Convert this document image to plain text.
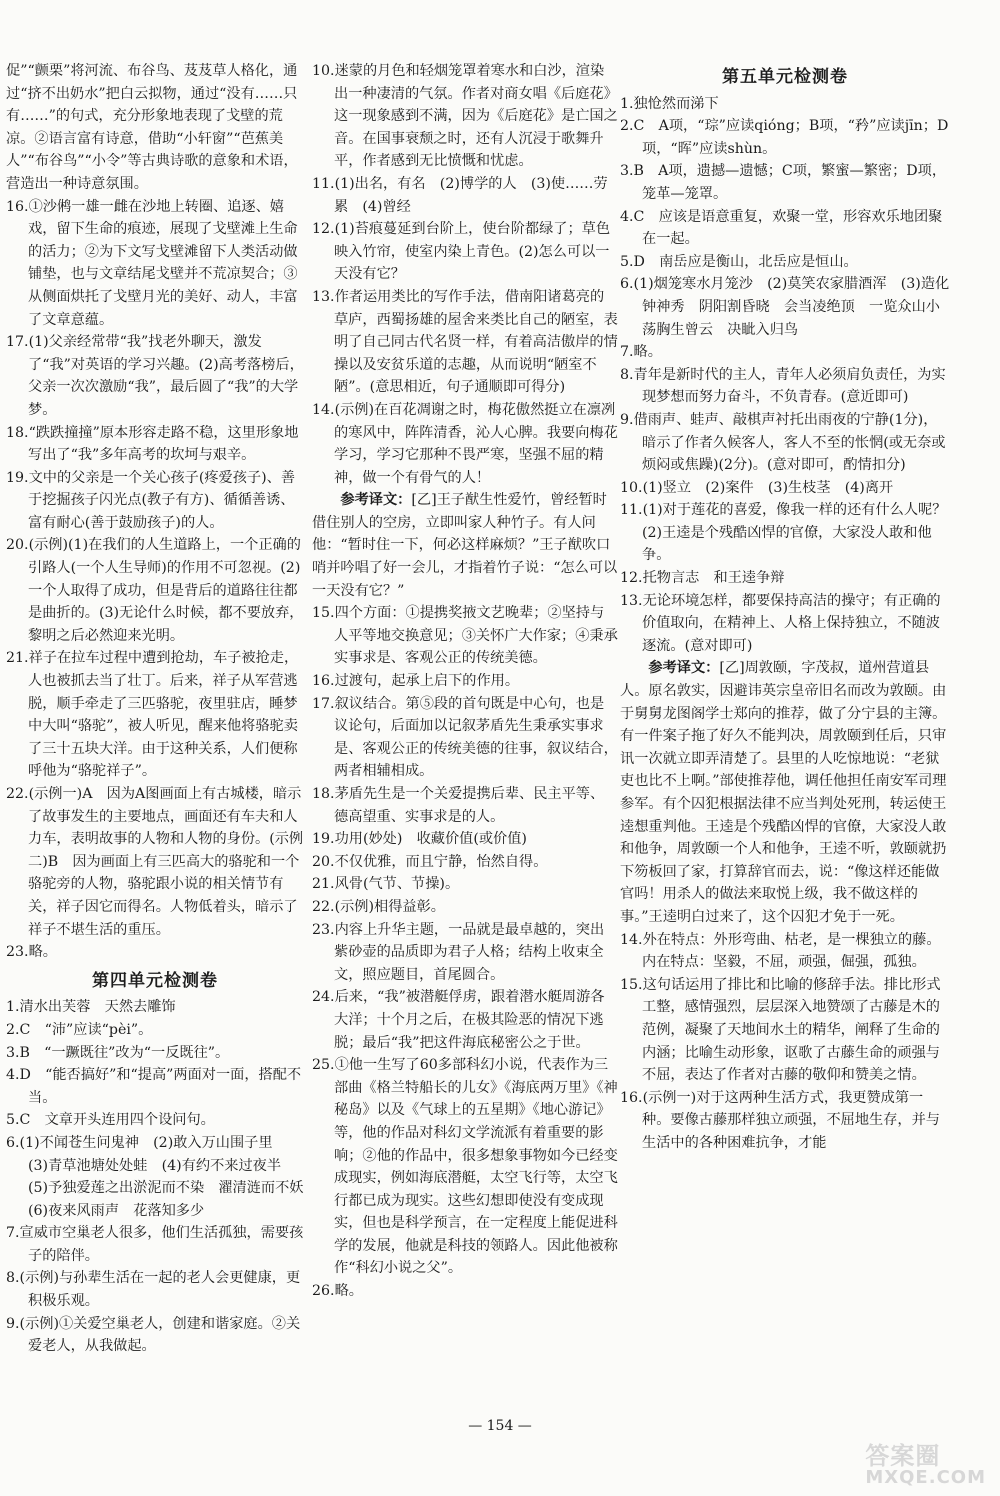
促”“颤栗”将河流、布谷鸟、芨芨草人格化，通过“挤不出奶水”把白云拟物，通过“没有……只有……”的句式，充分形象地表现了戈壁的荒凉。②语言富有诗意，借助“小轩窗”“芭蕉美人”“布谷鸟”“小令”等古典诗歌的意象和术语，营造出一种诗意氛围。

16.①沙鸺一雄一雌在沙地上转圈、追逐、嬉戏，留下生命的痕迹，展现了戈壁滩上生命的活力；②为下文写戈壁滩留下人类活动做铺垫，也与文章结尾戈壁并不荒凉契合；③从侧面烘托了戈壁月光的美好、动人，丰富了文章意蕴。

17.(1)父亲经常带“我”找老外聊天，激发了“我”对英语的学习兴趣。(2)高考落榜后，父亲一次次激励“我”，最后圆了“我”的大学梦。

18.“跌跌撞撞”原本形容走路不稳，这里形象地写出了“我”多年高考的坎坷与艰辛。

19.文中的父亲是一个关心孩子(疼爱孩子)、善于挖掘孩子闪光点(教子有方)、循循善诱、富有耐心(善于鼓励孩子)的人。

20.(示例)(1)在我们的人生道路上，一个正确的引路人(一个人生导师)的作用不可忽视。(2)一个人取得了成功，但是背后的道路往往都是曲折的。(3)无论什么时候，都不要放弃，黎明之后必然迎来光明。

21.祥子在拉车过程中遭到抢劫，车子被抢走，人也被抓去当了壮丁。后来，祥子从军营逃脱，顺手牵走了三匹骆驼，夜里驻店，睡梦中大叫“骆驼”，被人听见，醒来他将骆驼卖了三十五块大洋。由于这种关系，人们便称呼他为“骆驼祥子”。

22.(示例一)A　因为A图画面上有古城楼，暗示了故事发生的主要地点，画面还有车夫和人力车，表明故事的人物和人物的身份。(示例二)B　因为画面上有三匹高大的骆驼和一个骆驼旁的人物，骆驼跟小说的相关情节有关，祥子因它而得名。人物低着头，暗示了祥子不堪生活的重压。

23.略。

第四单元检测卷

1.清水出芙蓉　天然去雕饰

2.C　“沛”应读“pèi”。

3.B　“一蹶既往”改为“一反既往”。

4.D　“能否搞好”和“提高”两面对一面，搭配不当。

5.C　文章开头连用四个设问句。

6.(1)不闻苍生问鬼神　(2)敢入万山围子里　(3)青草池塘处处蛙　(4)有约不来过夜半　(5)予独爱莲之出淤泥而不染　濯清涟而不妖　(6)夜来风雨声　花落知多少

7.宣威市空巢老人很多，他们生活孤独，需要孩子的陪伴。

8.(示例)与孙辈生活在一起的老人会更健康，更积极乐观。

9.(示例)①关爱空巢老人，创建和谐家庭。②关爱老人，从我做起。

10.迷蒙的月色和轻烟笼罩着寒水和白沙，渲染出一种凄清的气氛。作者对商女唱《后庭花》这一现象感到不满，因为《后庭花》是亡国之音。在国事衰颓之时，还有人沉浸于歌舞升平，作者感到无比愤慨和忧虑。

11.(1)出名，有名　(2)博学的人　(3)使……劳累　(4)曾经

12.(1)苔痕蔓延到台阶上，使台阶都绿了；草色映入竹帘，使室内染上青色。(2)怎么可以一天没有它？

13.作者运用类比的写作手法，借南阳诸葛亮的草庐，西蜀扬雄的屋舍来类比自己的陋室，表明了自己同古代名贤一样，有着高洁傲岸的情操以及安贫乐道的志趣，从而说明“陋室不陋”。(意思相近，句子通顺即可得分)

14.(示例)在百花凋谢之时，梅花傲然挺立在凛冽的寒风中，阵阵清香，沁人心脾。我要向梅花学习，学习它那种不畏严寒，坚强不屈的精神，做一个有骨气的人！

参考译文：[乙]王子猷生性爱竹，曾经暂时借住别人的空房，立即叫家人种竹子。有人问他：“暂时住一下，何必这样麻烦？”王子猷吹口哨并吟唱了好一会儿，才指着竹子说：“怎么可以一天没有它？”

15.四个方面：①提携奖掖文艺晚辈；②坚持与人平等地交换意见；③关怀广大作家；④秉承实事求是、客观公正的传统美德。

16.过渡句，起承上启下的作用。

17.叙议结合。第⑤段的首句既是中心句，也是议论句，后面加以记叙茅盾先生秉承实事求是、客观公正的传统美德的往事，叙议结合，两者相辅相成。

18.茅盾先生是一个关爱提携后辈、民主平等、德高望重、实事求是的人。

19.功用(妙处)　收藏价值(或价值)

20.不仅优雅，而且宁静，怡然自得。

21.风骨(气节、节操)。

22.(示例)相得益彰。

23.内容上升华主题，一品就是最卓越的，突出紫砂壶的品质即为君子人格；结构上收束全文，照应题目，首尾圆合。

24.后来，“我”被潜艇俘虏，跟着潜水艇周游各大洋；十个月之后，在极其险恶的情况下逃脱；最后“我”把这件海底秘密公之于世。

25.①他一生写了60多部科幻小说，代表作为三部曲《格兰特船长的儿女》《海底两万里》《神秘岛》以及《气球上的五星期》《地心游记》等，他的作品对科幻文学流派有着重要的影响；②他的作品中，很多想象事物如今已经变成现实，例如海底潜艇，太空飞行等，太空飞行都已成为现实。这些幻想即使没有变成现实，但也是科学预言，在一定程度上能促进科学的发展，他就是科技的领路人。因此他被称作“科幻小说之父”。

26.略。

第五单元检测卷

1.独怆然而涕下

2.C　A项，“琮”应读qióng；B项，“矜”应读jīn；D项，“晖”应读shùn。

3.B　A项，遗撼—遗憾；C项，繁蜜—繁密；D项，笼革—笼罩。

4.C　应该是语意重复，欢聚一堂，形容欢乐地团聚在一起。

5.D　南岳应是衡山，北岳应是恒山。

6.(1)烟笼寒水月笼沙　(2)莫笑农家腊酒浑　(3)造化钟神秀　阴阳割昏晓　会当凌绝顶　一览众山小　荡胸生曾云　决眦入归鸟

7.略。

8.青年是新时代的主人，青年人必须肩负责任，为实现梦想而努力奋斗，不负青春。(意近即可)

9.借雨声、蛙声、敲棋声衬托出雨夜的宁静(1分)，暗示了作者久候客人，客人不至的怅惘(或无奈或烦闷或焦躁)(2分)。(意对即可，酌情扣分)

10.(1)竖立　(2)案件　(3)生枝茎　(4)离开

11.(1)对于莲花的喜爱，像我一样的还有什么人呢？ (2)王逵是个残酷凶悍的官僚，大家没人敢和他争。

12.托物言志　和王逵争辩

13.无论环境怎样，都要保持高洁的操守；有正确的价值取向，在精神上、人格上保持独立，不随波逐流。(意对即可)

参考译文：[乙]周敦颐，字茂叔，道州营道县人。原名敦实，因避讳英宗皇帝旧名而改为敦颐。由于舅舅龙图阁学士郑向的推荐，做了分宁县的主簿。有一件案子拖了好久不能判决，周敦颐到任后，只审讯一次就立即弄清楚了。县里的人吃惊地说：“老狱吏也比不上啊。”部使推荐他，调任他担任南安军司理参军。有个囚犯根据法律不应当判处死刑，转运使王逵想重判他。王逵是个残酷凶悍的官僚，大家没人敢和他争，周敦颐一个人和他争，王逵不听，敦颐就扔下笏板回了家，打算辞官而去，说：“像这样还能做官吗！用杀人的做法来取悦上级，我不做这样的事。”王逵明白过来了，这个囚犯才免于一死。

14.外在特点：外形弯曲、枯老，是一棵独立的藤。内在特点：坚毅，不屈，顽强，倔强，孤独。

15.这句话运用了排比和比喻的修辞手法。排比形式工整，感情强烈，层层深入地赞颂了古藤是木的范例，凝聚了天地间水土的精华，阐释了生命的内涵；比喻生动形象，讴歌了古藤生命的顽强与不屈，表达了作者对古藤的敬仰和赞美之情。

16.(示例一)对于这两种生活方式，我更赞成第一种。要像古藤那样独立顽强，不屈地生存，并与生活中的各种困难抗争，才能

— 154 —
答案圈
MXQE.COM
